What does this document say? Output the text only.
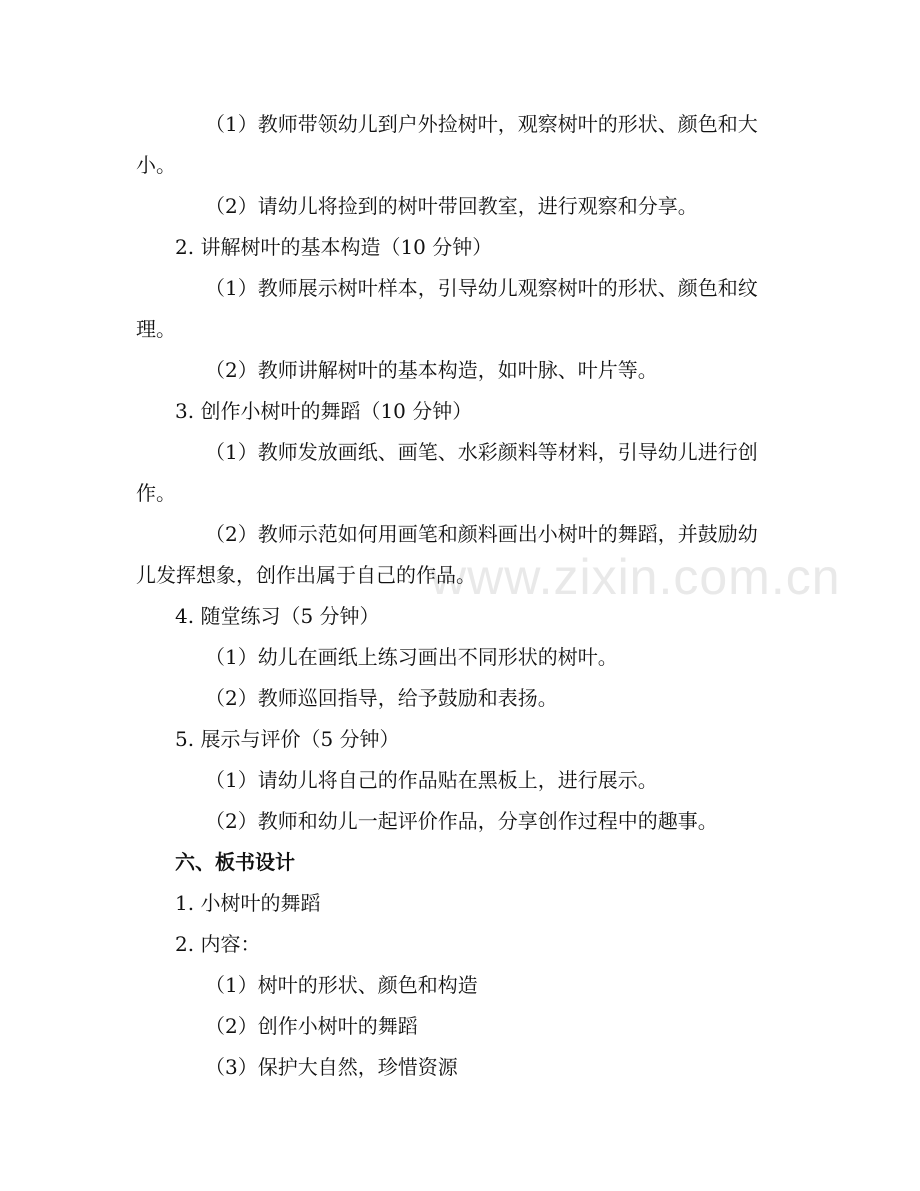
www.zixin.com.cn
（1）教师带领幼儿到户外捡树叶，观察树叶的形状、颜色和大
小。
（2）请幼儿将捡到的树叶带回教室，进行观察和分享。
2. 讲解树叶的基本构造（10 分钟）
（1）教师展示树叶样本，引导幼儿观察树叶的形状、颜色和纹
理。
（2）教师讲解树叶的基本构造，如叶脉、叶片等。
3. 创作小树叶的舞蹈（10 分钟）
（1）教师发放画纸、画笔、水彩颜料等材料，引导幼儿进行创
作。
（2）教师示范如何用画笔和颜料画出小树叶的舞蹈，并鼓励幼
儿发挥想象，创作出属于自己的作品。
4. 随堂练习（5 分钟）
（1）幼儿在画纸上练习画出不同形状的树叶。
（2）教师巡回指导，给予鼓励和表扬。
5. 展示与评价（5 分钟）
（1）请幼儿将自己的作品贴在黑板上，进行展示。
（2）教师和幼儿一起评价作品，分享创作过程中的趣事。
六、板书设计
1. 小树叶的舞蹈
2. 内容：
（1）树叶的形状、颜色和构造
（2）创作小树叶的舞蹈
（3）保护大自然，珍惜资源
